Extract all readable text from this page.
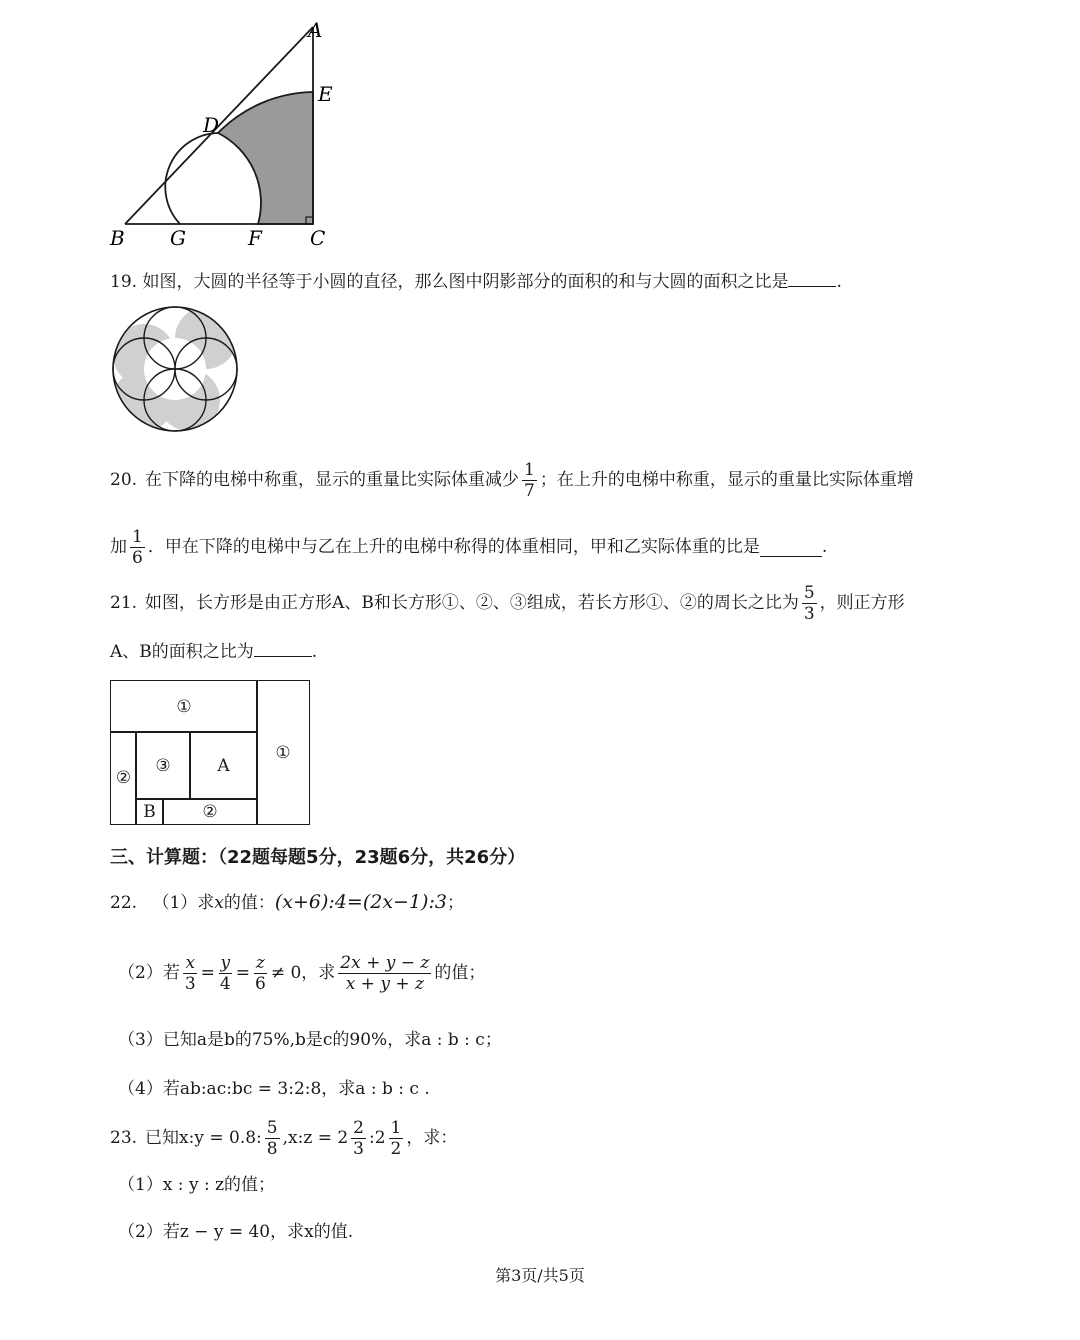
A
E
D
B G	F C
19. 如图，大圆的半径等于小圆的直径，那么图中阴影部分的面积的和与大圆的面积之比是	.
20. 在下降的电梯中称重，显示的重量比实际体重减少 $\frac{1}{7}$ ；在上升的电梯中称重，显示的重量比实际体重增
加 $\frac{1}{6}$ ．甲在下降的电梯中与乙在上升的电梯中称得的体重相同，甲和乙实际体重的比是	.
21. 如图，长方形是由正方形A、B和长方形①、②、③组成，若长方形①、②的周长之比为 $\frac{5}{3}$ ，则正方形
A、B的面积之比为	.
①
①
②
③	A
B	②
三、计算题：（22题每题5分，23题6分，共26分）
22. （1）求x的值：(x+6):4=(2x−1):3；
（2）若 $\frac{x}{3} = \frac{y}{4} = \frac{z}{6} \ne 0$，求 $\frac{2x + y - z}{x + y + z}$ 的值；
（3）已知a是b的75%,b是c的90%，求a : b : c；
（4）若ab:ac:bc = 3:2:8，求a : b : c .
23. 已知x:y = 0.8: $\frac{5}{8}$ ,x:z = $2 \frac{2}{3}$ :2 $\frac{1}{2}$ ，求：
（1）x : y : z的值；
（2）若z − y = 40，求x的值.
第3页/共5页
